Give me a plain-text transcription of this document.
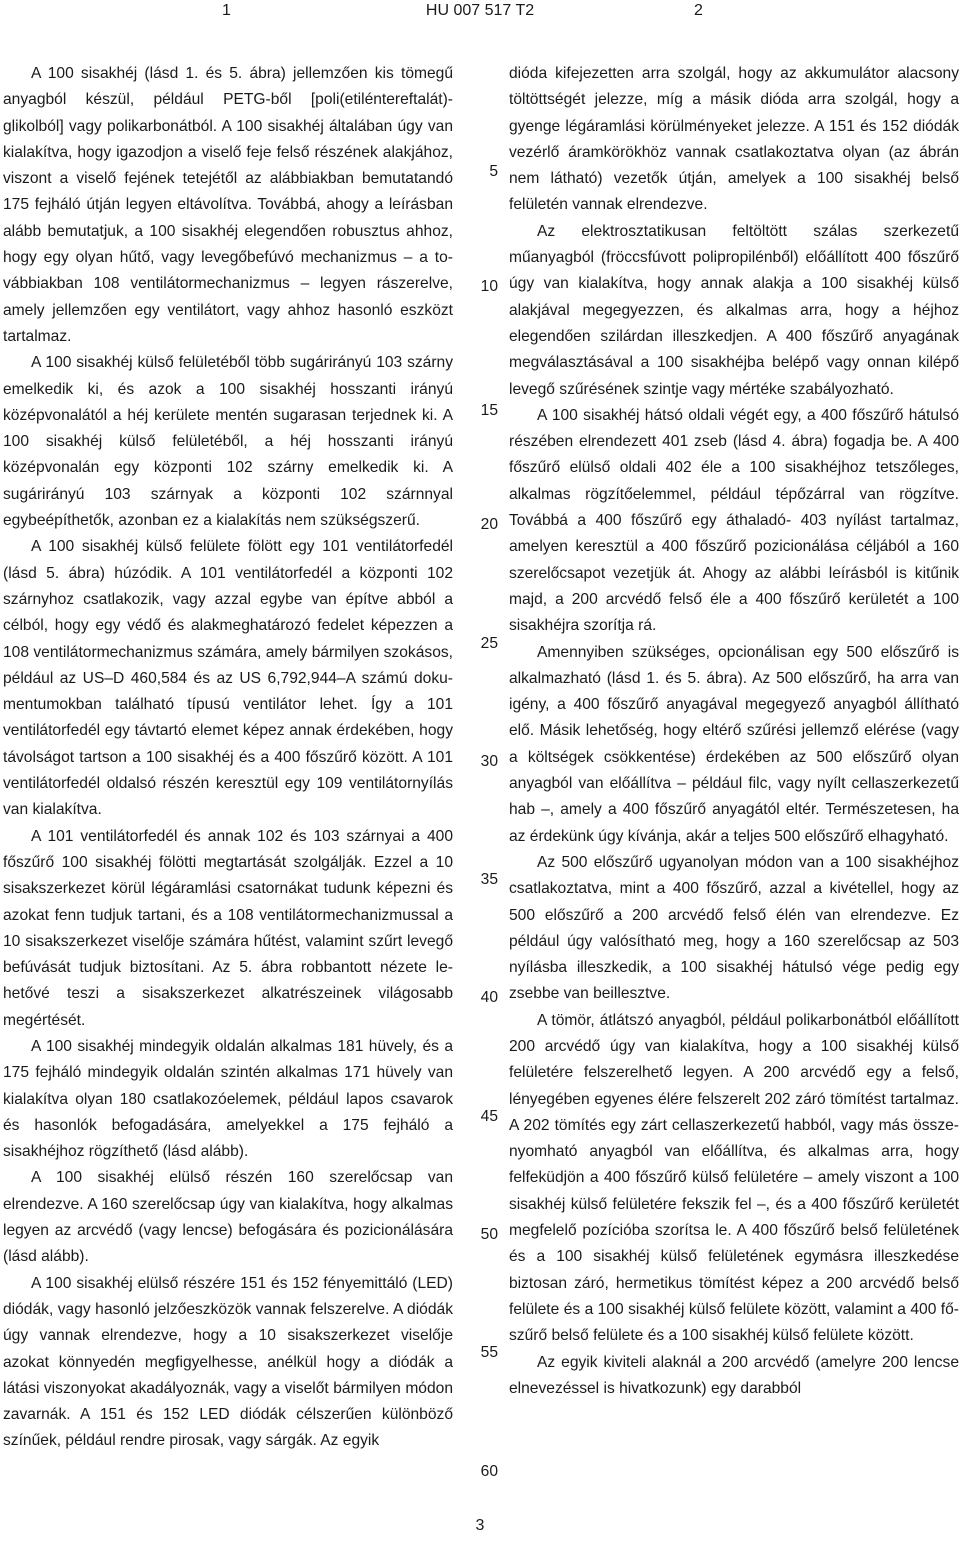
1	HU 007 517 T2	2

A 100 sisakhéj (lásd 1. és 5. ábra) jellemzően kis tömegű anyagból készül, például PETG-ből [poli(etiléntereftalát)-glikolból] vagy polikarbonátból. A 100 sisakhéj általában úgy van kialakítva, hogy igazodjon a viselő feje felső részének alakjához, viszont a viselő fejének tetejétől az alábbiakban bemutatandó 175 fejháló útján legyen eltávolítva. Továbbá, ahogy a leírásban alább bemutatjuk, a 100 sisakhéj elegendően robusztus ahhoz, hogy egy olyan hűtő, vagy levegőbefúvó mechanizmus – a továbbiakban 108 ventilátormechanizmus – legyen rászerelve, amely jellemzően egy ventilátort, vagy ahhoz hasonló eszközt tartalmaz.

A 100 sisakhéj külső felületéből több sugárirányú 103 szárny emelkedik ki, és azok a 100 sisakhéj hosszanti irányú középvonalától a héj kerülete mentén sugarasan terjednek ki. A 100 sisakhéj külső felületéből, a héj hosszanti irányú középvonalán egy központi 102 szárny emelkedik ki. A sugárirányú 103 szárnyak a központi 102 szárnnyal egybeépíthetők, azonban ez a kialakítás nem szükségszerű.

A 100 sisakhéj külső felülete fölött egy 101 ventilátorfedél (lásd 5. ábra) húzódik. A 101 ventilátorfedél a központi 102 szárnyhoz csatlakozik, vagy azzal egybe van építve abból a célból, hogy egy védő és alakmeghatározó fedelet képezzen a 108 ventilátormechanizmus számára, amely bármilyen szokásos, például az US–D 460,584 és az US 6,792,944–A számú dokumentumokban található típusú ventilátor lehet. Így a 101 ventilátorfedél egy távtartó elemet képez annak érdekében, hogy távolságot tartson a 100 sisakhéj és a 400 főszűrő között. A 101 ventilátorfedél oldalsó részén keresztül egy 109 ventilátornyílás van kialakítva.

A 101 ventilátorfedél és annak 102 és 103 szárnyai a 400 főszűrő 100 sisakhéj fölötti megtartását szolgálják. Ezzel a 10 sisakszerkezet körül légáramlási csatornákat tudunk képezni és azokat fenn tudjuk tartani, és a 108 ventilátormechanizmussal a 10 sisakszerkezet viselője számára hűtést, valamint szűrt levegő befúvását tudjuk biztosítani. Az 5. ábra robbantott nézete lehetővé teszi a sisakszerkezet alkatrészeinek világosabb megértését.

A 100 sisakhéj mindegyik oldalán alkalmas 181 hüvely, és a 175 fejháló mindegyik oldalán szintén alkalmas 171 hüvely van kialakítva olyan 180 csatlakozóelemek, például lapos csavarok és hasonlók befogadására, amelyekkel a 175 fejháló a sisakhéjhoz rögzíthető (lásd alább).

A 100 sisakhéj elülső részén 160 szerelőcsap van elrendezve. A 160 szerelőcsap úgy van kialakítva, hogy alkalmas legyen az arcvédő (vagy lencse) befogására és pozicionálására (lásd alább).

A 100 sisakhéj elülső részére 151 és 152 fényemittáló (LED) diódák, vagy hasonló jelzőeszközök vannak felszerelve. A diódák úgy vannak elrendezve, hogy a 10 sisakszerkezet viselője azokat könnyedén megfigyelhesse, anélkül hogy a diódák a látási viszonyokat akadályoznák, vagy a viselőt bármilyen módon zavarnák. A 151 és 152 LED diódák célszerűen különböző színűek, például rendre pirosak, vagy sárgák. Az egyik

5
10
15
20
25
30
35
40
45
50
55
60

dióda kifejezetten arra szolgál, hogy az akkumulátor alacsony töltöttségét jelezze, míg a másik dióda arra szolgál, hogy a gyenge légáramlási körülményeket jelezze. A 151 és 152 diódák vezérlő áramkörökhöz vannak csatlakoztatva olyan (az ábrán nem látható) vezetők útján, amelyek a 100 sisakhéj belső felületén vannak elrendezve.

Az elektrosztatikusan feltöltött szálas szerkezetű műanyagból (fröccsfúvott polipropilénből) előállított 400 főszűrő úgy van kialakítva, hogy annak alakja a 100 sisakhéj külső alakjával megegyezzen, és alkalmas arra, hogy a héjhoz elegendően szilárdan illeszkedjen. A 400 főszűrő anyagának megválasztásával a 100 sisakhéjba belépő vagy onnan kilépő levegő szűrésének szintje vagy mértéke szabályozható.

A 100 sisakhéj hátsó oldali végét egy, a 400 főszűrő hátulsó részében elrendezett 401 zseb (lásd 4. ábra) fogadja be. A 400 főszűrő elülső oldali 402 éle a 100 sisakhéjhoz tetszőleges, alkalmas rögzítőelemmel, például tépőzárral van rögzítve. Továbbá a 400 főszűrő egy áthaladó- 403 nyílást tartalmaz, amelyen keresztül a 400 főszűrő pozicionálása céljából a 160 szerelőcsapot vezetjük át. Ahogy az alábbi leírásból is kitűnik majd, a 200 arcvédő felső éle a 400 főszűrő kerületét a 100 sisakhéjra szorítja rá.

Amennyiben szükséges, opcionálisan egy 500 előszűrő is alkalmazható (lásd 1. és 5. ábra). Az 500 előszűrő, ha arra van igény, a 400 főszűrő anyagával megegyező anyagból állítható elő. Másik lehetőség, hogy eltérő szűrési jellemző elérése (vagy a költségek csökkentése) érdekében az 500 előszűrő olyan anyagból van előállítva – például filc, vagy nyílt cellaszerkezetű hab –, amely a 400 főszűrő anyagától eltér. Természetesen, ha az érdekünk úgy kívánja, akár a teljes 500 előszűrő elhagyható.

Az 500 előszűrő ugyanolyan módon van a 100 sisakhéjhoz csatlakoztatva, mint a 400 főszűrő, azzal a kivétellel, hogy az 500 előszűrő a 200 arcvédő felső élén van elrendezve. Ez például úgy valósítható meg, hogy a 160 szerelőcsap az 503 nyílásba illeszkedik, a 100 sisakhéj hátulsó vége pedig egy zsebbe van beillesztve.

A tömör, átlátszó anyagból, például polikarbonátból előállított 200 arcvédő úgy van kialakítva, hogy a 100 sisakhéj külső felületére felszerelhető legyen. A 200 arcvédő egy a felső, lényegében egyenes élére felszerelt 202 záró tömítést tartalmaz. A 202 tömítés egy zárt cellaszerkezetű habból, vagy más összenyomható anyagból van előállítva, és alkalmas arra, hogy felfeküdjön a 400 főszűrő külső felületére – amely viszont a 100 sisakhéj külső felületére fekszik fel –, és a 400 főszűrő kerületét megfelelő pozícióba szorítsa le. A 400 főszűrő belső felületének és a 100 sisakhéj külső felületének egymásra illeszkedése biztosan záró, hermetikus tömítést képez a 200 arcvédő belső felülete és a 100 sisakhéj külső felülete között, valamint a 400 főszűrő belső felülete és a 100 sisakhéj külső felülete között.

Az egyik kiviteli alaknál a 200 arcvédő (amelyre 200 lencse elnevezéssel is hivatkozunk) egy darabból

3
